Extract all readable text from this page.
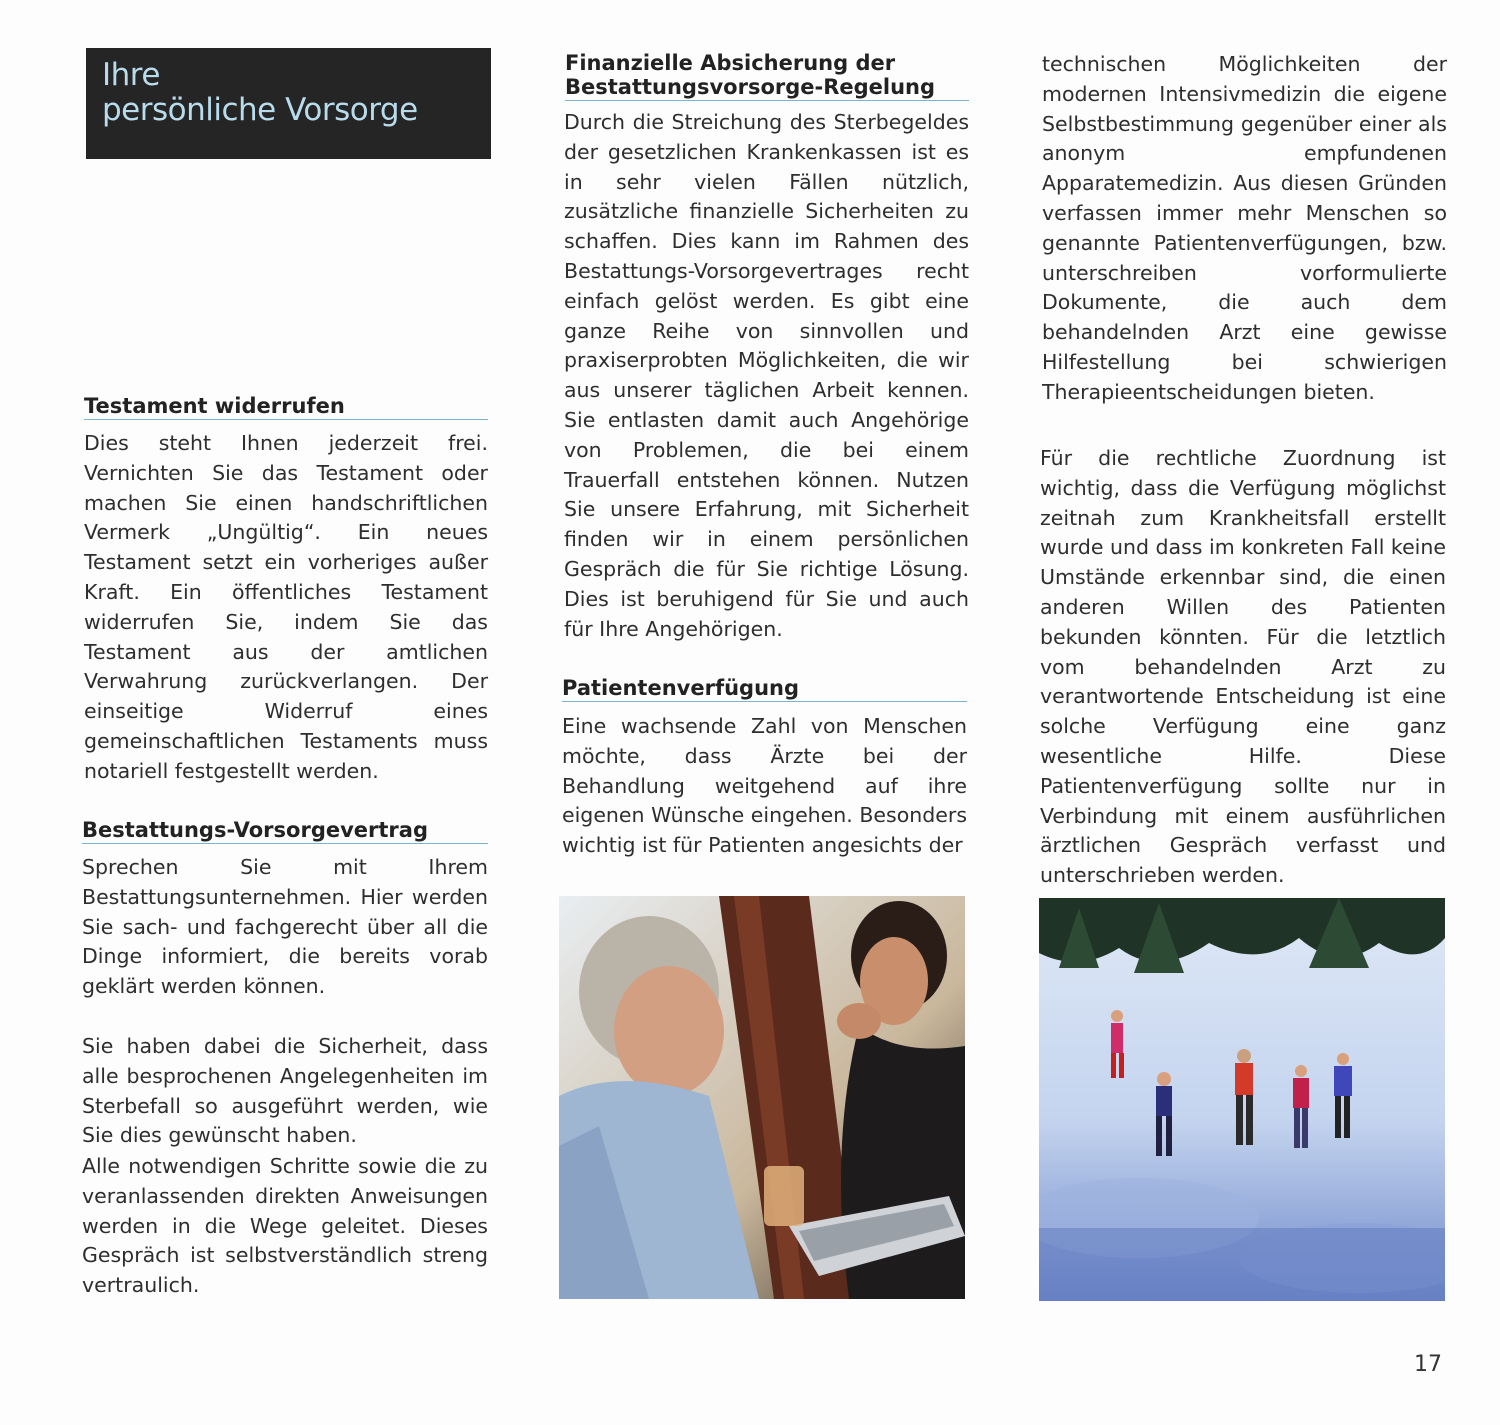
Ihre
persönliche Vorsorge
Testament widerrufen

Dies steht Ihnen jederzeit frei. Vernichten Sie das Testament oder machen Sie einen handschriftlichen Vermerk „Ungültig“. Ein neues Testament setzt ein vorheriges außer Kraft. Ein öffentliches Testament widerrufen Sie, indem Sie das Testament aus der amtlichen Verwahrung zurückverlangen. Der einseitige Widerruf eines gemeinschaftlichen Testaments muss notariell festgestellt werden.

Bestattungs-Vorsorgevertrag

Sprechen Sie mit Ihrem Bestattungsunternehmen. Hier werden Sie sach- und fachgerecht über all die Dinge informiert, die bereits vorab geklärt werden können.

Sie haben dabei die Sicherheit, dass alle besprochenen Angelegenheiten im Sterbefall so ausgeführt werden, wie Sie dies gewünscht haben.

Alle notwendigen Schritte sowie die zu veranlassenden direkten Anweisungen werden in die Wege geleitet. Dieses Gespräch ist selbstverständlich streng vertraulich.

Finanzielle Absicherung der
Bestattungsvorsorge-Regelung

Durch die Streichung des Sterbegeldes der gesetzlichen Krankenkassen ist es in sehr vielen Fällen nützlich, zusätzliche finanzielle Sicherheiten zu schaffen. Dies kann im Rahmen des Bestattungs-Vorsorgevertrages recht einfach gelöst werden. Es gibt eine ganze Reihe von sinnvollen und praxiserprobten Möglichkeiten, die wir aus unserer täglichen Arbeit kennen. Sie entlasten damit auch Angehörige von Problemen, die bei einem Trauerfall entstehen können. Nutzen Sie unsere Erfahrung, mit Sicherheit finden wir in einem persönlichen Gespräch die für Sie richtige Lösung. Dies ist beruhigend für Sie und auch für Ihre Angehörigen.

Patientenverfügung

Eine wachsende Zahl von Menschen möchte, dass Ärzte bei der Behandlung weitgehend auf ihre eigenen Wünsche eingehen. Besonders wichtig ist für Patienten angesichts der

technischen Möglichkeiten der modernen Intensivmedizin die eigene Selbstbestimmung gegenüber einer als anonym empfundenen Apparatemedizin. Aus diesen Gründen verfassen immer mehr Menschen so genannte Patientenverfügungen, bzw. unterschreiben vorformulierte Dokumente, die auch dem behandelnden Arzt eine gewisse Hilfestellung bei schwierigen Therapieentscheidungen bieten.

Für die rechtliche Zuordnung ist wichtig, dass die Verfügung möglichst zeitnah zum Krankheitsfall erstellt wurde und dass im konkreten Fall keine Umstände erkennbar sind, die einen anderen Willen des Patienten bekunden könnten. Für die letztlich vom behandelnden Arzt zu verantwortende Entscheidung ist eine solche Verfügung eine ganz wesentliche Hilfe. Diese Patientenverfügung sollte nur in Verbindung mit einem ausführlichen ärztlichen Gespräch verfasst und unterschrieben werden.

17
